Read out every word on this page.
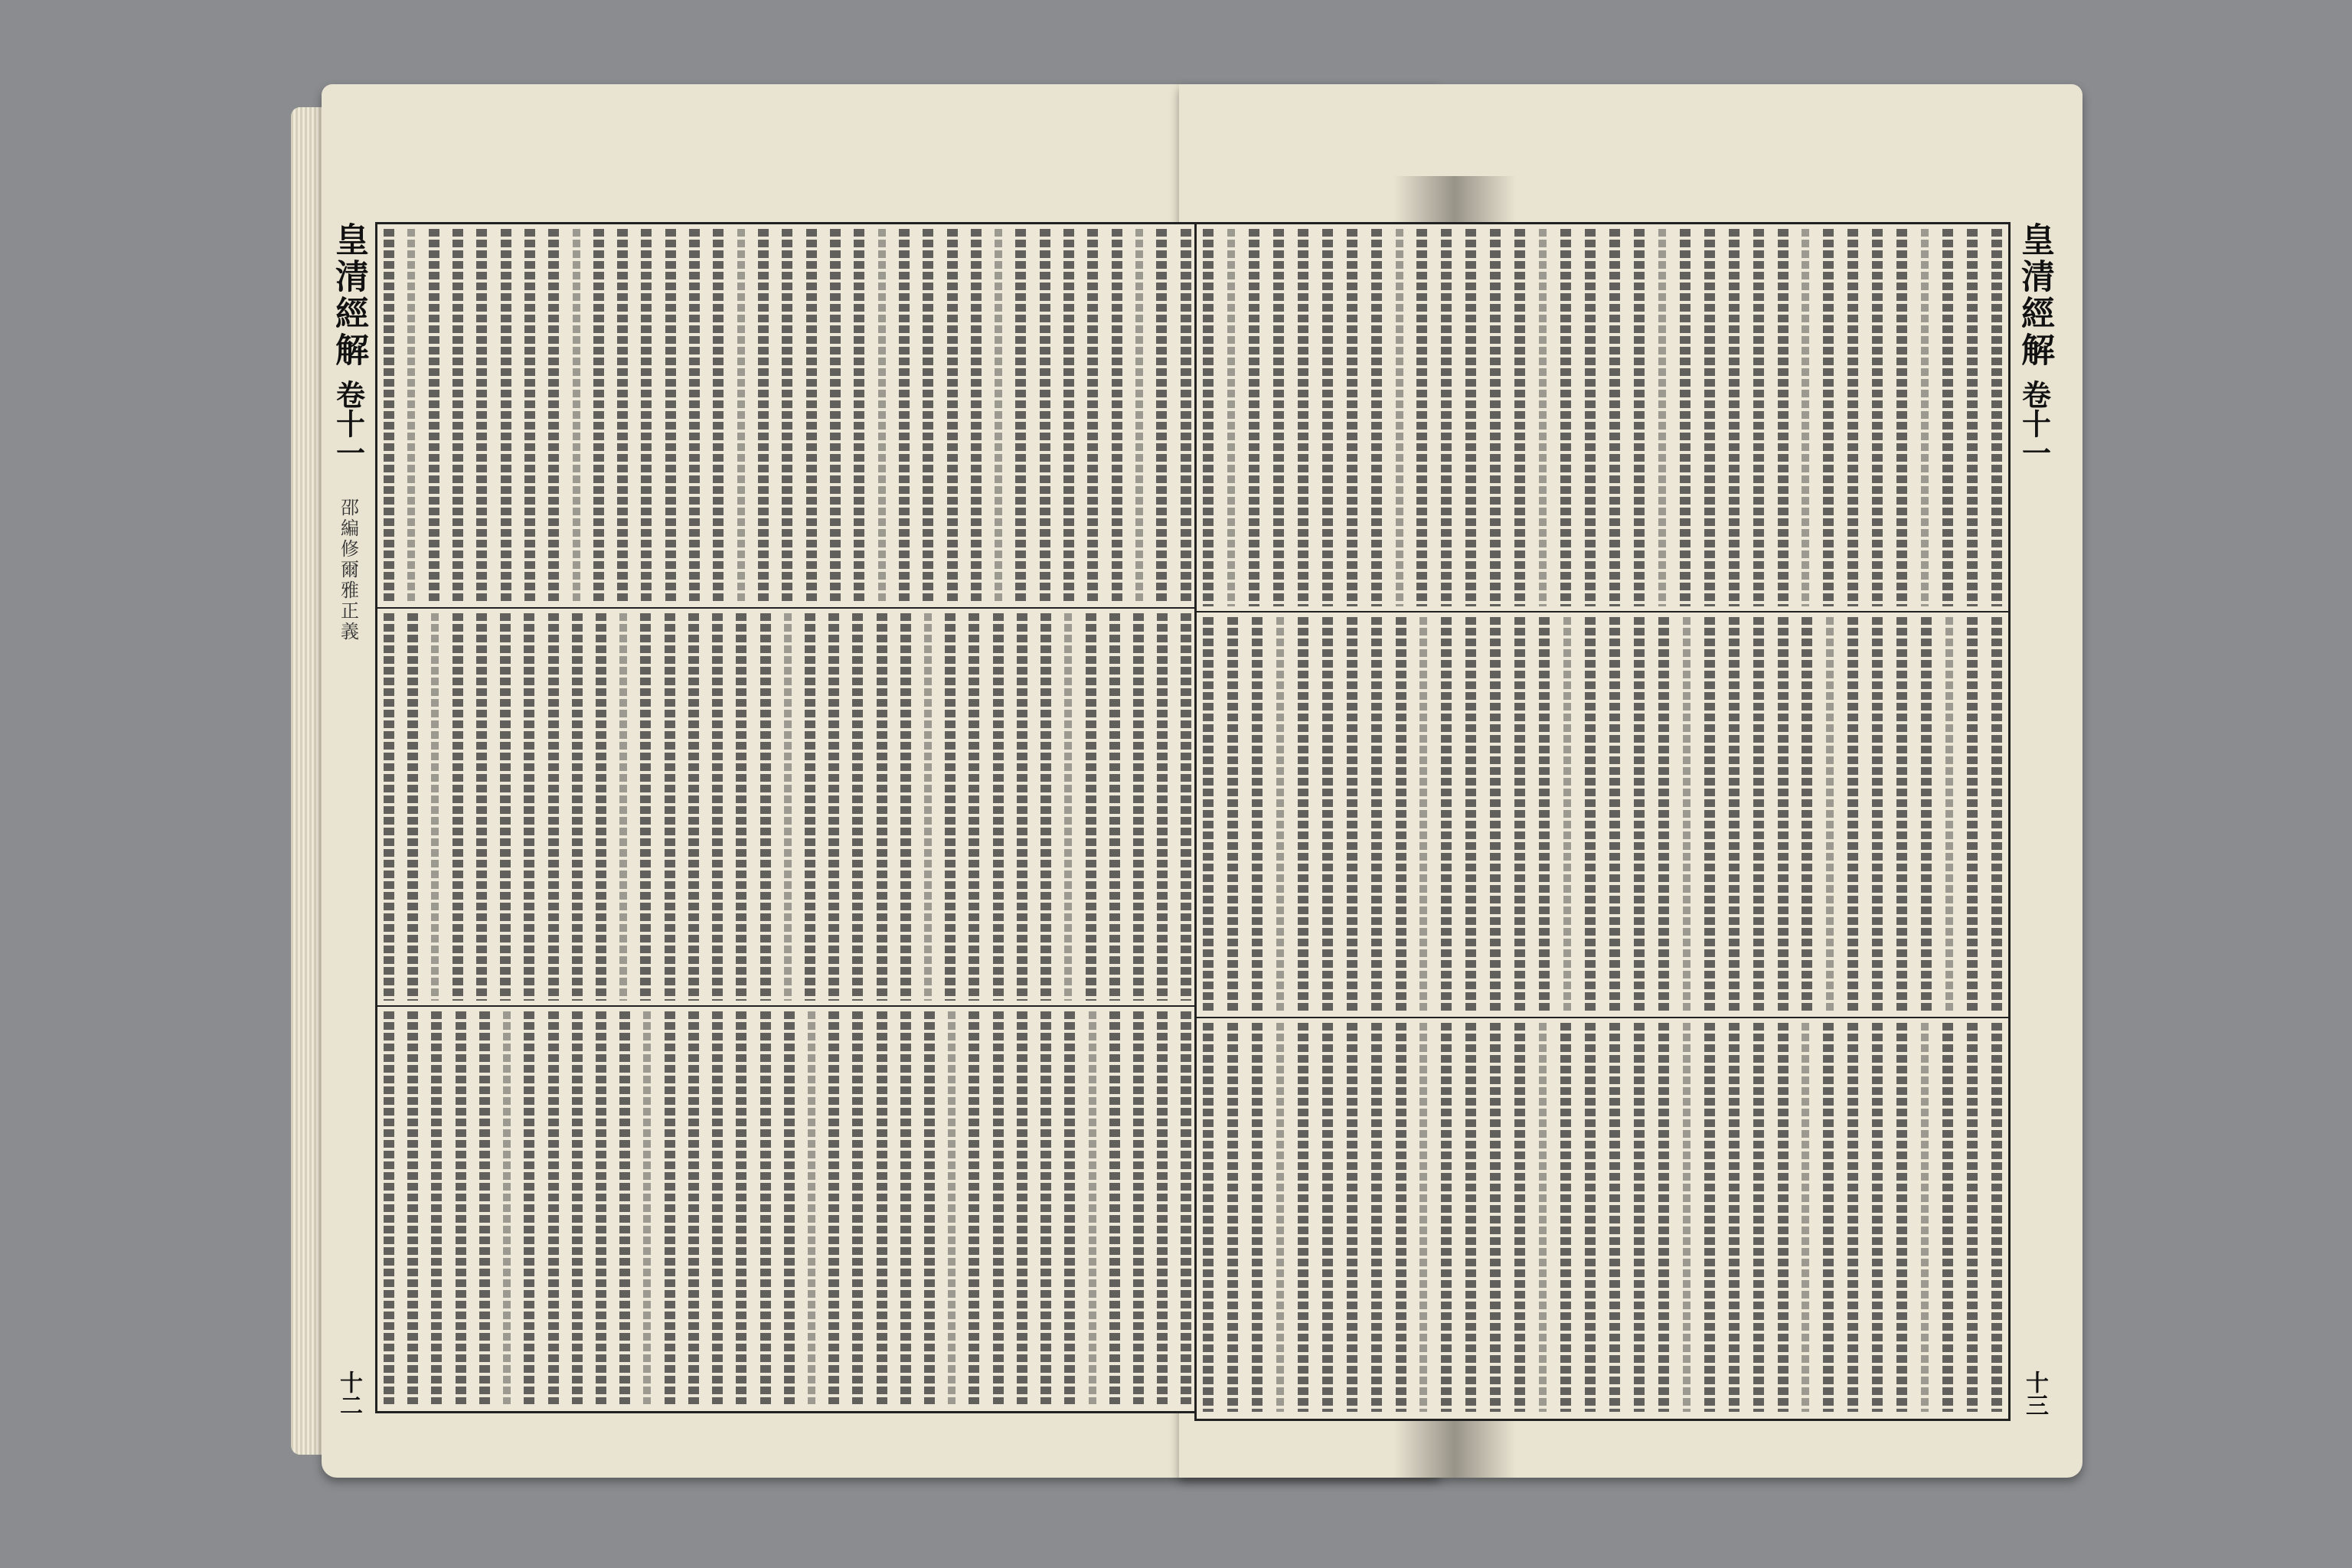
皇清經解
卷十一
邵編修爾雅正義
十二
皇清經解
卷十一
十三
